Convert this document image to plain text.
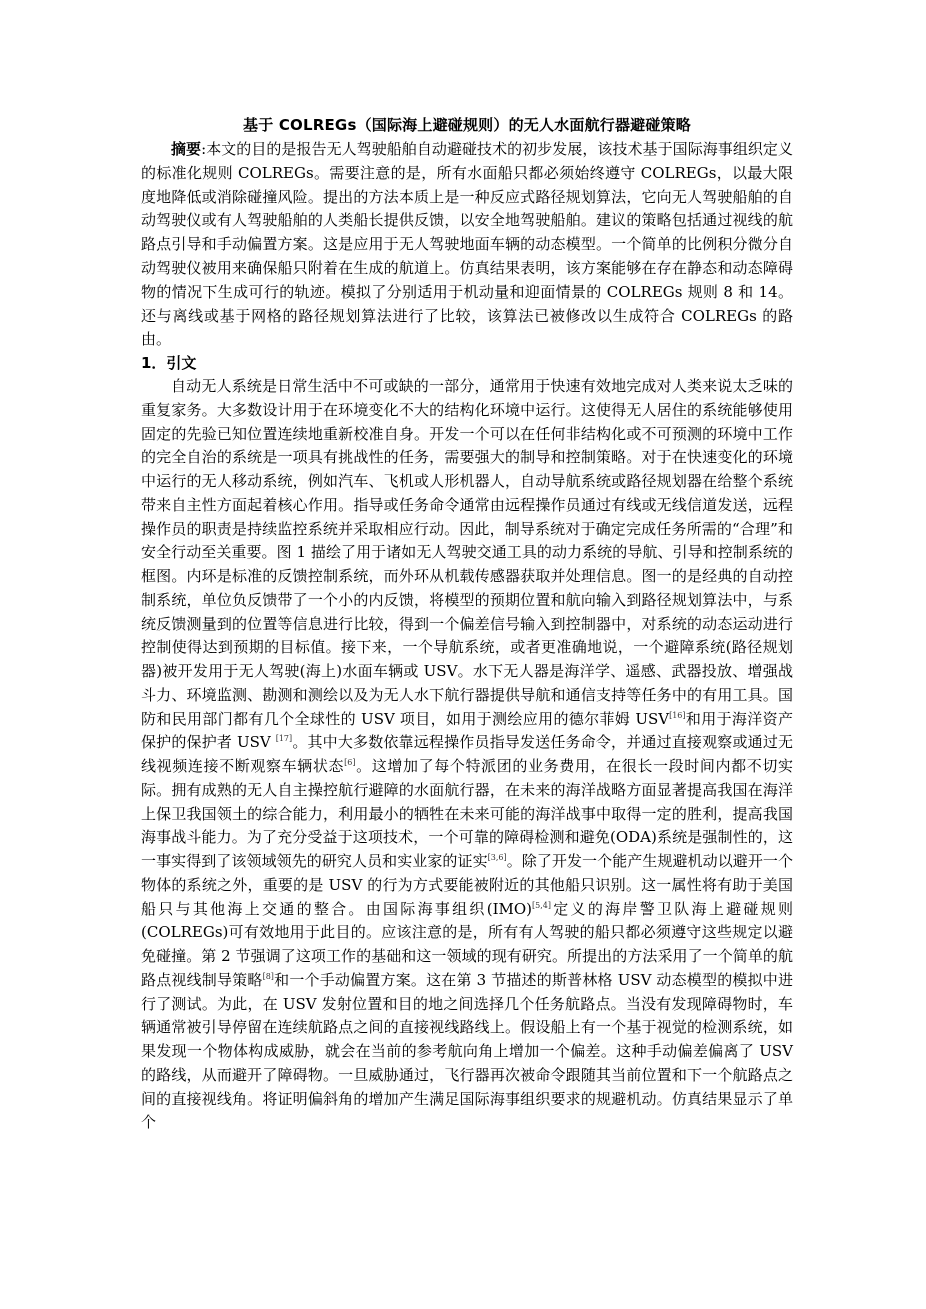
基于 COLREGs（国际海上避碰规则）的无人水面航行器避碰策略

摘要:本文的目的是报告无人驾驶船舶自动避碰技术的初步发展，该技术基于国际海事组织定义的标准化规则 COLREGs。需要注意的是，所有水面船只都必须始终遵守 COLREGs，以最大限度地降低或消除碰撞风险。提出的方法本质上是一种反应式路径规划算法，它向无人驾驶船舶的自动驾驶仪或有人驾驶船舶的人类船长提供反馈，以安全地驾驶船舶。建议的策略包括通过视线的航路点引导和手动偏置方案。这是应用于无人驾驶地面车辆的动态模型。一个简单的比例积分微分自动驾驶仪被用来确保船只附着在生成的航道上。仿真结果表明，该方案能够在存在静态和动态障碍物的情况下生成可行的轨迹。模拟了分别适用于机动量和迎面情景的 COLREGs 规则 8 和 14。还与离线或基于网格的路径规划算法进行了比较，该算法已被修改以生成符合 COLREGs 的路由。

1．引文

自动无人系统是日常生活中不可或缺的一部分，通常用于快速有效地完成对人类来说太乏味的重复家务。大多数设计用于在环境变化不大的结构化环境中运行。这使得无人居住的系统能够使用固定的先验已知位置连续地重新校准自身。开发一个可以在任何非结构化或不可预测的环境中工作的完全自治的系统是一项具有挑战性的任务，需要强大的制导和控制策略。对于在快速变化的环境中运行的无人移动系统，例如汽车、飞机或人形机器人，自动导航系统或路径规划器在给整个系统带来自主性方面起着核心作用。指导或任务命令通常由远程操作员通过有线或无线信道发送，远程操作员的职责是持续监控系统并采取相应行动。因此，制导系统对于确定完成任务所需的“合理”和安全行动至关重要。图 1 描绘了用于诸如无人驾驶交通工具的动力系统的导航、引导和控制系统的框图。内环是标准的反馈控制系统，而外环从机载传感器获取并处理信息。图一的是经典的自动控制系统，单位负反馈带了一个小的内反馈，将模型的预期位置和航向输入到路径规划算法中，与系统反馈测量到的位置等信息进行比较，得到一个偏差信号输入到控制器中，对系统的动态运动进行控制使得达到预期的目标值。接下来，一个导航系统，或者更准确地说，一个避障系统(路径规划器)被开发用于无人驾驶(海上)水面车辆或 USV。水下无人器是海洋学、遥感、武器投放、增强战斗力、环境监测、勘测和测绘以及为无人水下航行器提供导航和通信支持等任务中的有用工具。国防和民用部门都有几个全球性的 USV 项目，如用于测绘应用的德尔菲姆 USV[16]和用于海洋资产保护的保护者 USV [17]。其中大多数依靠远程操作员指导发送任务命令，并通过直接观察或通过无线视频连接不断观察车辆状态[6]。这增加了每个特派团的业务费用，在很长一段时间内都不切实际。拥有成熟的无人自主操控航行避障的水面航行器，在未来的海洋战略方面显著提高我国在海洋上保卫我国领土的综合能力，利用最小的牺牲在未来可能的海洋战事中取得一定的胜利，提高我国海事战斗能力。为了充分受益于这项技术，一个可靠的障碍检测和避免(ODA)系统是强制性的，这一事实得到了该领域领先的研究人员和实业家的证实[3,6]。除了开发一个能产生规避机动以避开一个物体的系统之外，重要的是 USV 的行为方式要能被附近的其他船只识别。这一属性将有助于美国船只与其他海上交通的整合。由国际海事组织(IMO)[5,4]定义的海岸警卫队海上避碰规则(COLREGs)可有效地用于此目的。应该注意的是，所有有人驾驶的船只都必须遵守这些规定以避免碰撞。第 2 节强调了这项工作的基础和这一领域的现有研究。所提出的方法采用了一个简单的航路点视线制导策略[8]和一个手动偏置方案。这在第 3 节描述的斯普林格 USV 动态模型的模拟中进行了测试。为此，在 USV 发射位置和目的地之间选择几个任务航路点。当没有发现障碍物时，车辆通常被引导停留在连续航路点之间的直接视线路线上。假设船上有一个基于视觉的检测系统，如果发现一个物体构成威胁，就会在当前的参考航向角上增加一个偏差。这种手动偏差偏离了 USV 的路线，从而避开了障碍物。一旦威胁通过，飞行器再次被命令跟随其当前位置和下一个航路点之间的直接视线角。将证明偏斜角的增加产生满足国际海事组织要求的规避机动。仿真结果显示了单个
